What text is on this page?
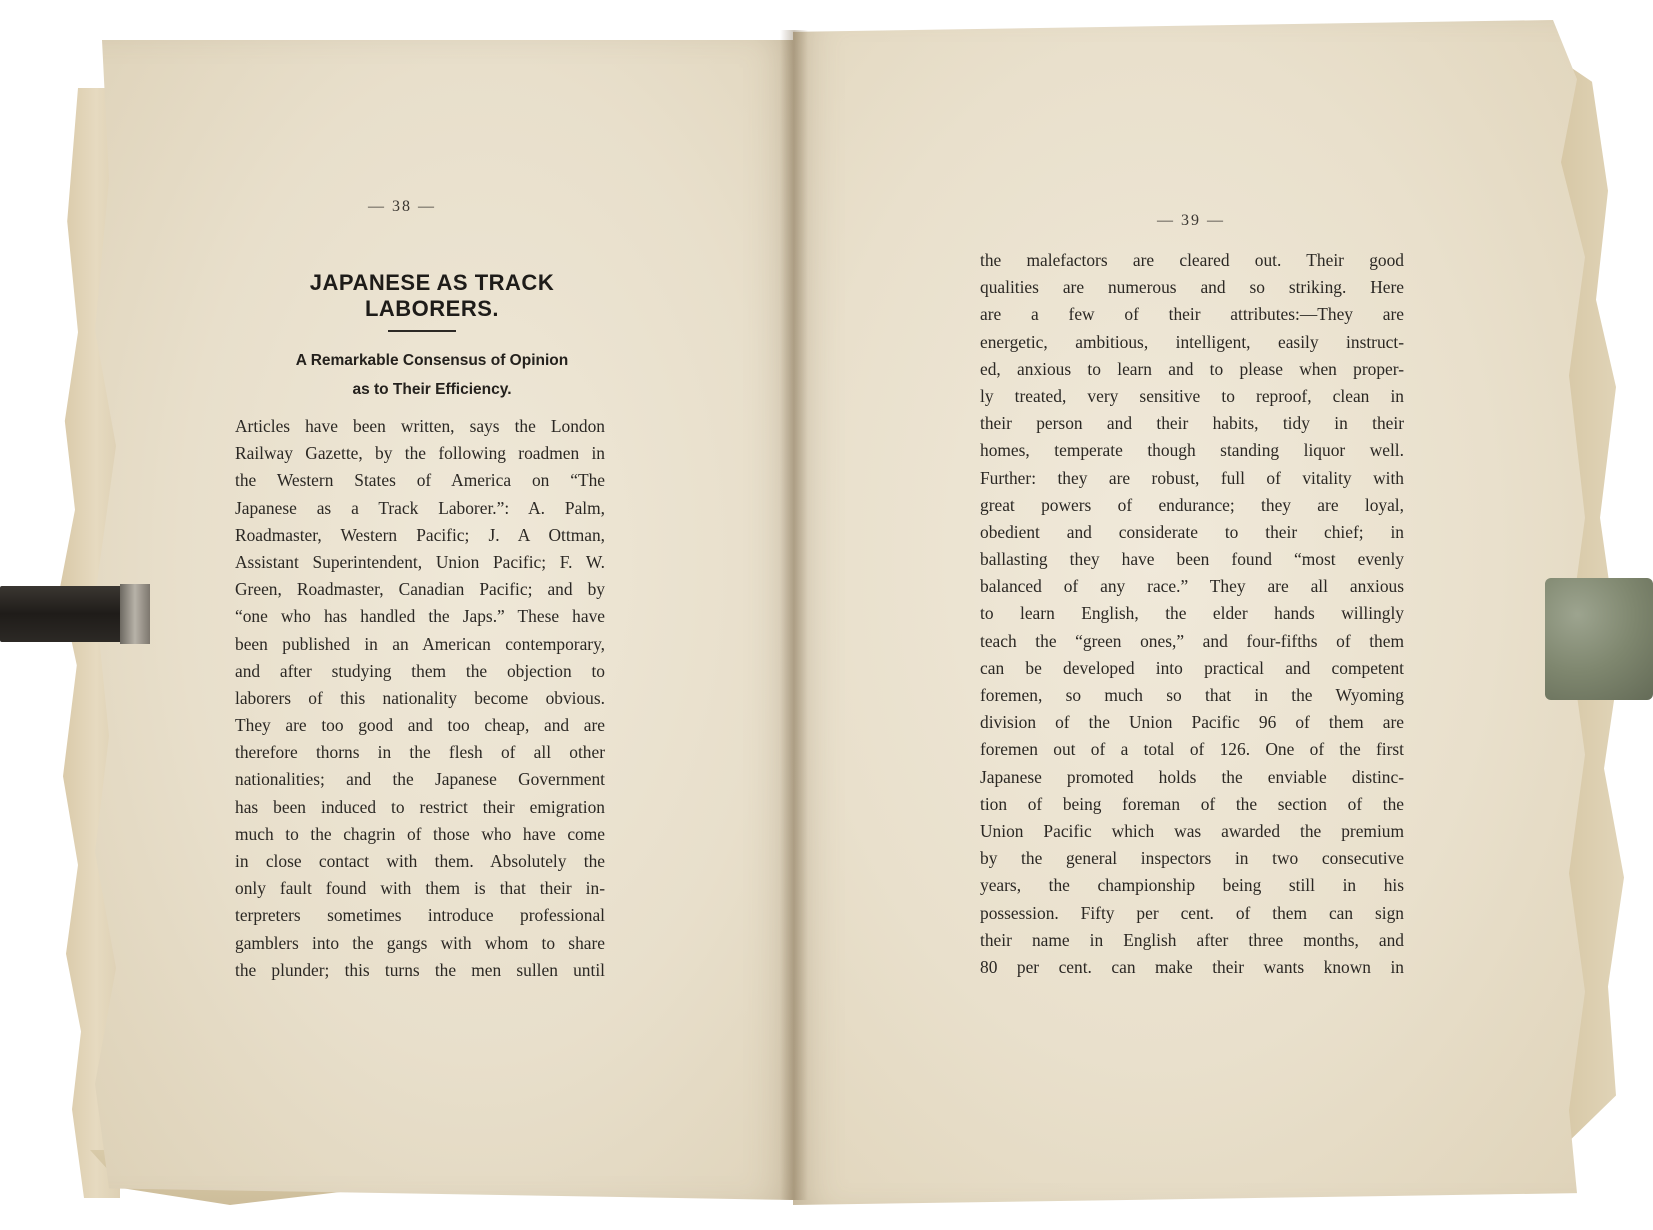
— 38 —
JAPANESE AS TRACK LABORERS.
A Remarkable Consensus of Opinion
as to Their Efficiency.
Articles have been written, says the London
Railway Gazette, by the following roadmen in
the Western States of America on “The
Japanese as a Track Laborer.”: A. Palm,
Roadmaster, Western Pacific; J. A Ottman,
Assistant Superintendent, Union Pacific; F. W.
Green, Roadmaster, Canadian Pacific; and by
“one who has handled the Japs.” These have
been published in an American contemporary,
and after studying them the objection to
laborers of this nationality become obvious.
They are too good and too cheap, and are
therefore thorns in the flesh of all other
nationalities; and the Japanese Government
has been induced to restrict their emigration
much to the chagrin of those who have come
in close contact with them. Absolutely the
only fault found with them is that their in-
terpreters sometimes introduce professional
gamblers into the gangs with whom to share
the plunder; this turns the men sullen until
— 39 —
the malefactors are cleared out. Their good
qualities are numerous and so striking. Here
are a few of their attributes:—They are
energetic, ambitious, intelligent, easily instruct-
ed, anxious to learn and to please when proper-
ly treated, very sensitive to reproof, clean in
their person and their habits, tidy in their
homes, temperate though standing liquor well.
Further: they are robust, full of vitality with
great powers of endurance; they are loyal,
obedient and considerate to their chief; in
ballasting they have been found “most evenly
balanced of any race.” They are all anxious
to learn English, the elder hands willingly
teach the “green ones,” and four-fifths of them
can be developed into practical and competent
foremen, so much so that in the Wyoming
division of the Union Pacific 96 of them are
foremen out of a total of 126. One of the first
Japanese promoted holds the enviable distinc-
tion of being foreman of the section of the
Union Pacific which was awarded the premium
by the general inspectors in two consecutive
years, the championship being still in his
possession. Fifty per cent. of them can sign
their name in English after three months, and
80 per cent. can make their wants known in
